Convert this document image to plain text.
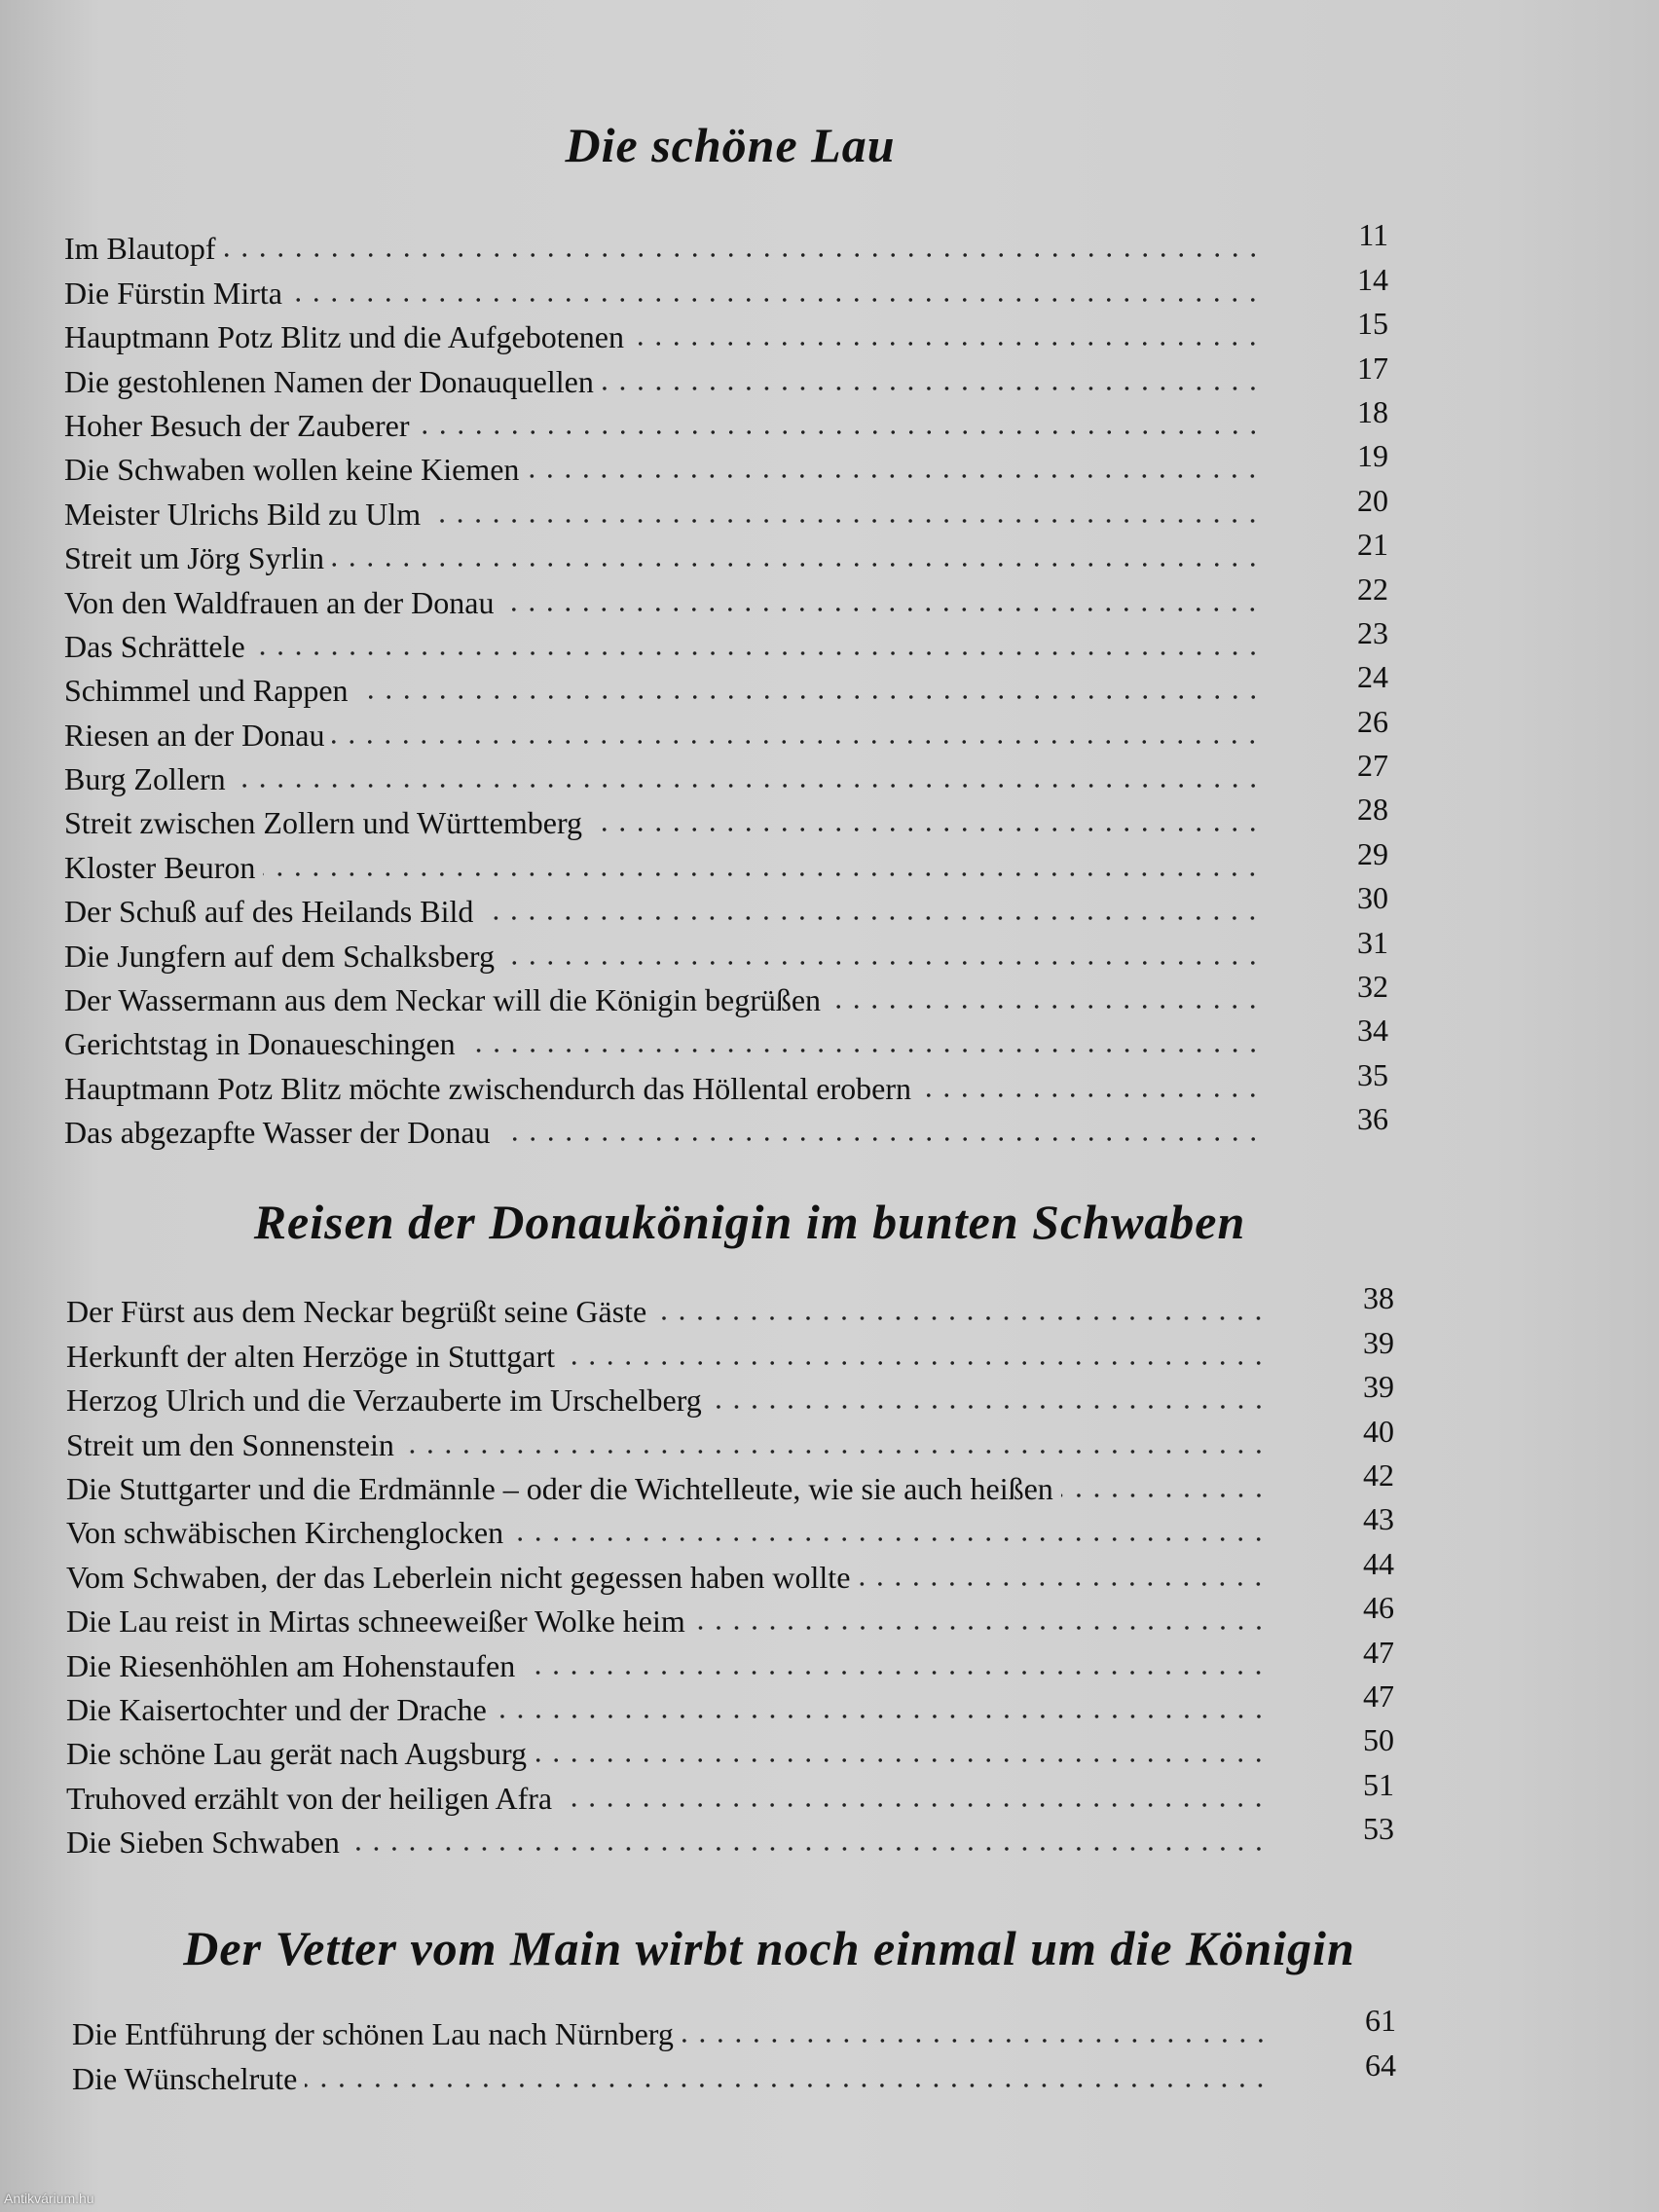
Die schöne Lau
Im Blautopf	11
Die Fürstin Mirta	14
Hauptmann Potz Blitz und die Aufgebotenen	15
Die gestohlenen Namen der Donauquellen	17
Hoher Besuch der Zauberer	18
Die Schwaben wollen keine Kiemen	19
Meister Ulrichs Bild zu Ulm	20
Streit um Jörg Syrlin	21
Von den Waldfrauen an der Donau	22
Das Schrättele	23
Schimmel und Rappen	24
Riesen an der Donau	26
Burg Zollern	27
Streit zwischen Zollern und Württemberg	28
Kloster Beuron	29
Der Schuß auf des Heilands Bild	30
Die Jungfern auf dem Schalksberg	31
Der Wassermann aus dem Neckar will die Königin begrüßen	32
Gerichtstag in Donaueschingen	34
Hauptmann Potz Blitz möchte zwischendurch das Höllental erobern	35
Das abgezapfte Wasser der Donau	36
Reisen der Donaukönigin im bunten Schwaben
Der Fürst aus dem Neckar begrüßt seine Gäste	38
Herkunft der alten Herzöge in Stuttgart	39
Herzog Ulrich und die Verzauberte im Urschelberg	39
Streit um den Sonnenstein	40
Die Stuttgarter und die Erdmännle – oder die Wichtelleute, wie sie auch heißen	42
Von schwäbischen Kirchenglocken	43
Vom Schwaben, der das Leberlein nicht gegessen haben wollte	44
Die Lau reist in Mirtas schneeweißer Wolke heim	46
Die Riesenhöhlen am Hohenstaufen	47
Die Kaisertochter und der Drache	47
Die schöne Lau gerät nach Augsburg	50
Truhoved erzählt von der heiligen Afra	51
Die Sieben Schwaben	53
Der Vetter vom Main wirbt noch einmal um die Königin
Die Entführung der schönen Lau nach Nürnberg	61
Die Wünschelrute	64
Antikvárium.hu
